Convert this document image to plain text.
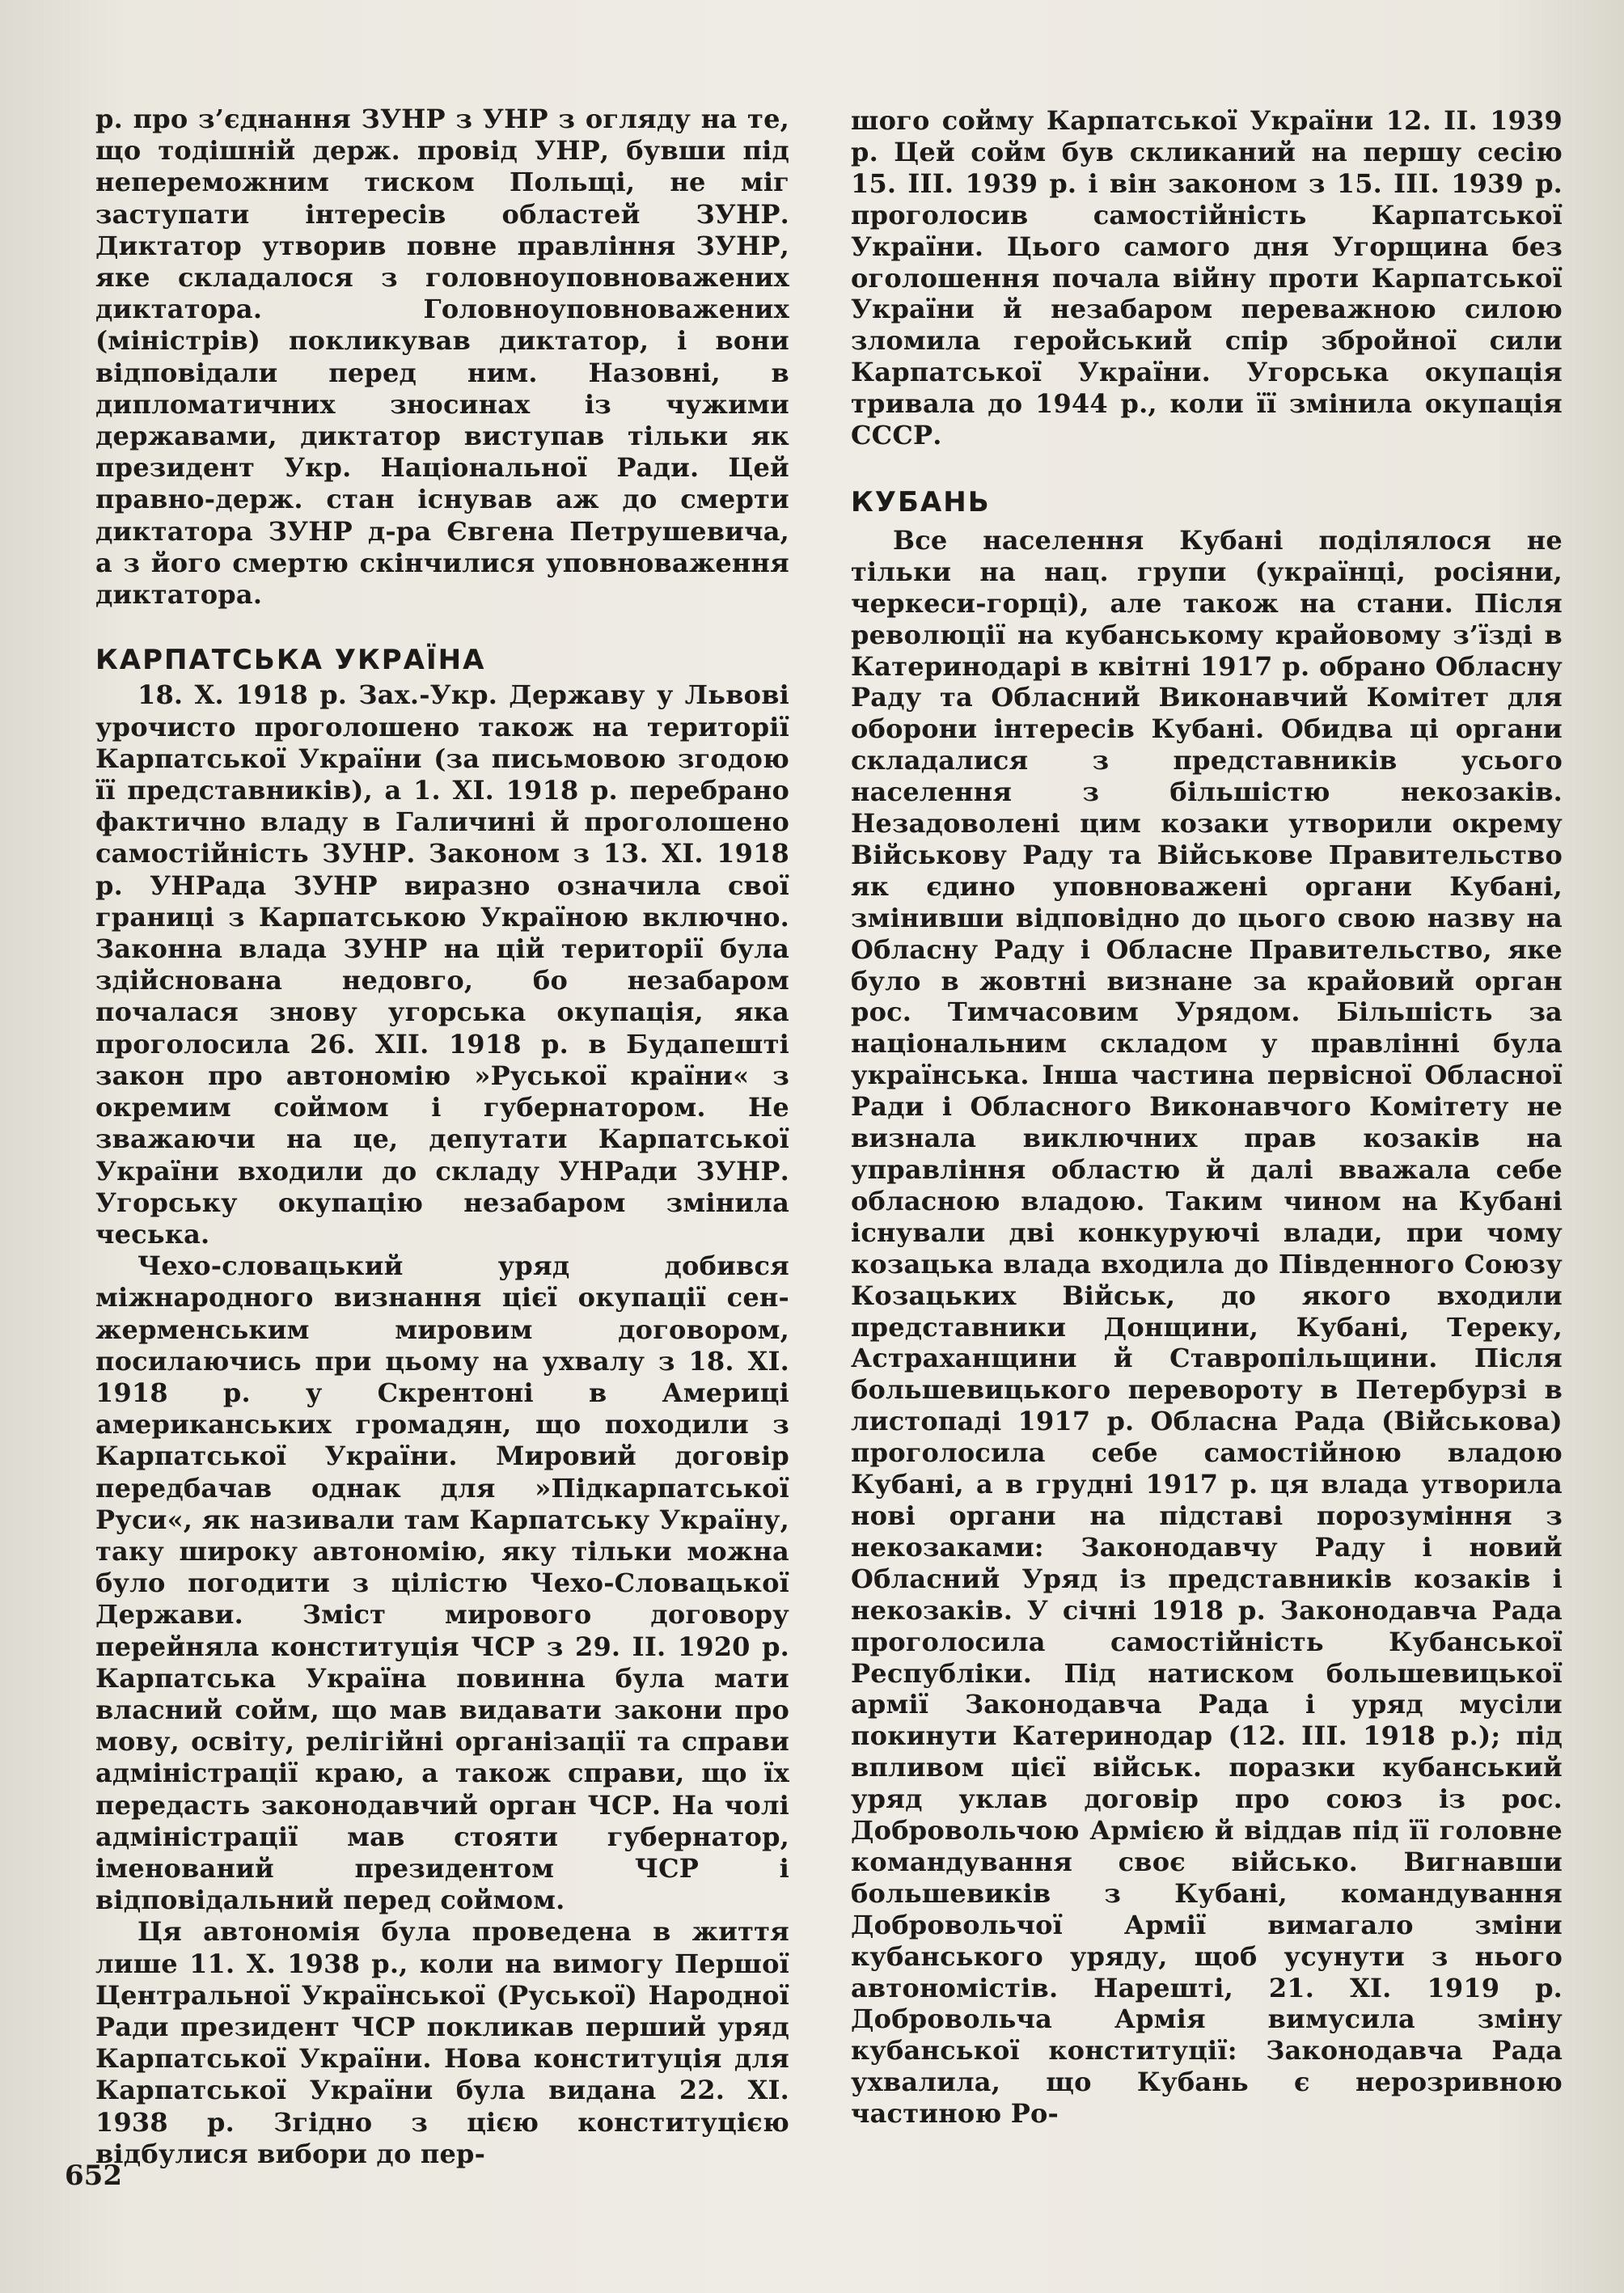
р. про з’єднання ЗУНР з УНР з огляду на те, що тодішній держ. провід УНР, бувши під непереможним тиском Польщі, не міг заступати інтересів областей ЗУНР. Диктатор утворив повне правління ЗУНР, яке складалося з головноуповноважених диктатора. Головноуповноважених (міністрів) покликував диктатор, і вони відповідали перед ним. Назовні, в дипломатичних зносинах із чужими державами, диктатор виступав тільки як президент Укр. Національної Ради. Цей правно-держ. стан існував аж до смерти диктатора ЗУНР д-ра Євгена Петрушевича, а з його смертю скінчилися уповноваження диктатора.

КАРПАТСЬКА УКРАЇНА

18. X. 1918 р. Зах.-Укр. Державу у Львові урочисто проголошено також на території Карпатської України (за письмовою згодою її представників), а 1. XI. 1918 р. перебрано фактично владу в Галичині й проголошено самостійність ЗУНР. Законом з 13. XI. 1918 р. УНРада ЗУНР виразно означила свої границі з Карпатською Україною включно. Законна влада ЗУНР на цій території була здійснована недовго, бо незабаром почалася знову угорська окупація, яка проголосила 26. XII. 1918 р. в Будапешті закон про автономію »Руської країни« з окремим соймом і губернатором. Не зважаючи на це, депутати Карпатської України входили до складу УНРади ЗУНР. Угорську окупацію незабаром змінила чеська.

Чехо-словацький уряд добився міжнародного визнання цієї окупації сен-жерменським мировим договором, посилаючись при цьому на ухвалу з 18. XI. 1918 р. у Скрентоні в Америці американських громадян, що походили з Карпатської України. Мировий договір передбачав однак для »Підкарпатської Руси«, як називали там Карпатську Україну, таку широку автономію, яку тільки можна було погодити з цілістю Чехо-Словацької Держави. Зміст мирового договору перейняла конституція ЧСР з 29. II. 1920 р. Карпатська Україна повинна була мати власний сойм, що мав видавати закони про мову, освіту, релігійні організації та справи адміністрації краю, а також справи, що їх передасть законодавчий орган ЧСР. На чолі адміністрації мав стояти губернатор, іменований президентом ЧСР і відповідальний перед соймом.

Ця автономія була проведена в життя лише 11. X. 1938 р., коли на вимогу Першої Центральної Української (Руської) Народної Ради президент ЧСР покликав перший уряд Карпатської України. Нова конституція для Карпатської України була видана 22. XI. 1938 р. Згідно з цією конституцією відбулися вибори до пер-

шого сойму Карпатської України 12. II. 1939 р. Цей сойм був скликаний на першу сесію 15. III. 1939 р. і він законом з 15. III. 1939 р. проголосив самостійність Карпатської України. Цього самого дня Угорщина без оголошення почала війну проти Карпатської України й незабаром переважною силою зломила геройський спір збройної сили Карпатської України. Угорська окупація тривала до 1944 р., коли її змінила окупація СССР.

КУБАНЬ

Все населення Кубані поділялося не тільки на нац. групи (українці, росіяни, черкеси-горці), але також на стани. Після революції на кубанському крайовому з’їзді в Катеринодарі в квітні 1917 р. обрано Обласну Раду та Обласний Виконавчий Комітет для оборони інтересів Кубані. Обидва ці органи складалися з представників усього населення з більшістю некозаків. Незадоволені цим козаки утворили окрему Військову Раду та Військове Правительство як єдино уповноважені органи Кубані, змінивши відповідно до цього свою назву на Обласну Раду і Обласне Правительство, яке було в жовтні визнане за крайовий орган рос. Тимчасовим Урядом. Більшість за національним складом у правлінні була українська. Інша частина первісної Обласної Ради і Обласного Виконавчого Комітету не визнала виключних прав козаків на управління областю й далі вважала себе обласною владою. Таким чином на Кубані існували дві конкуруючі влади, при чому козацька влада входила до Південного Союзу Козацьких Військ, до якого входили представники Донщини, Кубані, Тереку, Астраханщини й Ставропільщини. Після большевицького перевороту в Петербурзі в листопаді 1917 р. Обласна Рада (Військова) проголосила себе самостійною владою Кубані, а в грудні 1917 р. ця влада утворила нові органи на підставі порозуміння з некозаками: Законодавчу Раду і новий Обласний Уряд із представників козаків і некозаків. У січні 1918 р. Законодавча Рада проголосила самостійність Кубанської Республіки. Під натиском большевицької армії Законодавча Рада і уряд мусіли покинути Катеринодар (12. III. 1918 р.); під впливом цієї військ. поразки кубанський уряд уклав договір про союз із рос. Добровольчою Армією й віддав під її головне командування своє військо. Вигнавши большевиків з Кубані, командування Добровольчої Армії вимагало зміни кубанського уряду, щоб усунути з нього автономістів. Нарешті, 21. XI. 1919 р. Добровольча Армія вимусила зміну кубанської конституції: Законодавча Рада ухвалила, що Кубань є нерозривною частиною Ро-

652
